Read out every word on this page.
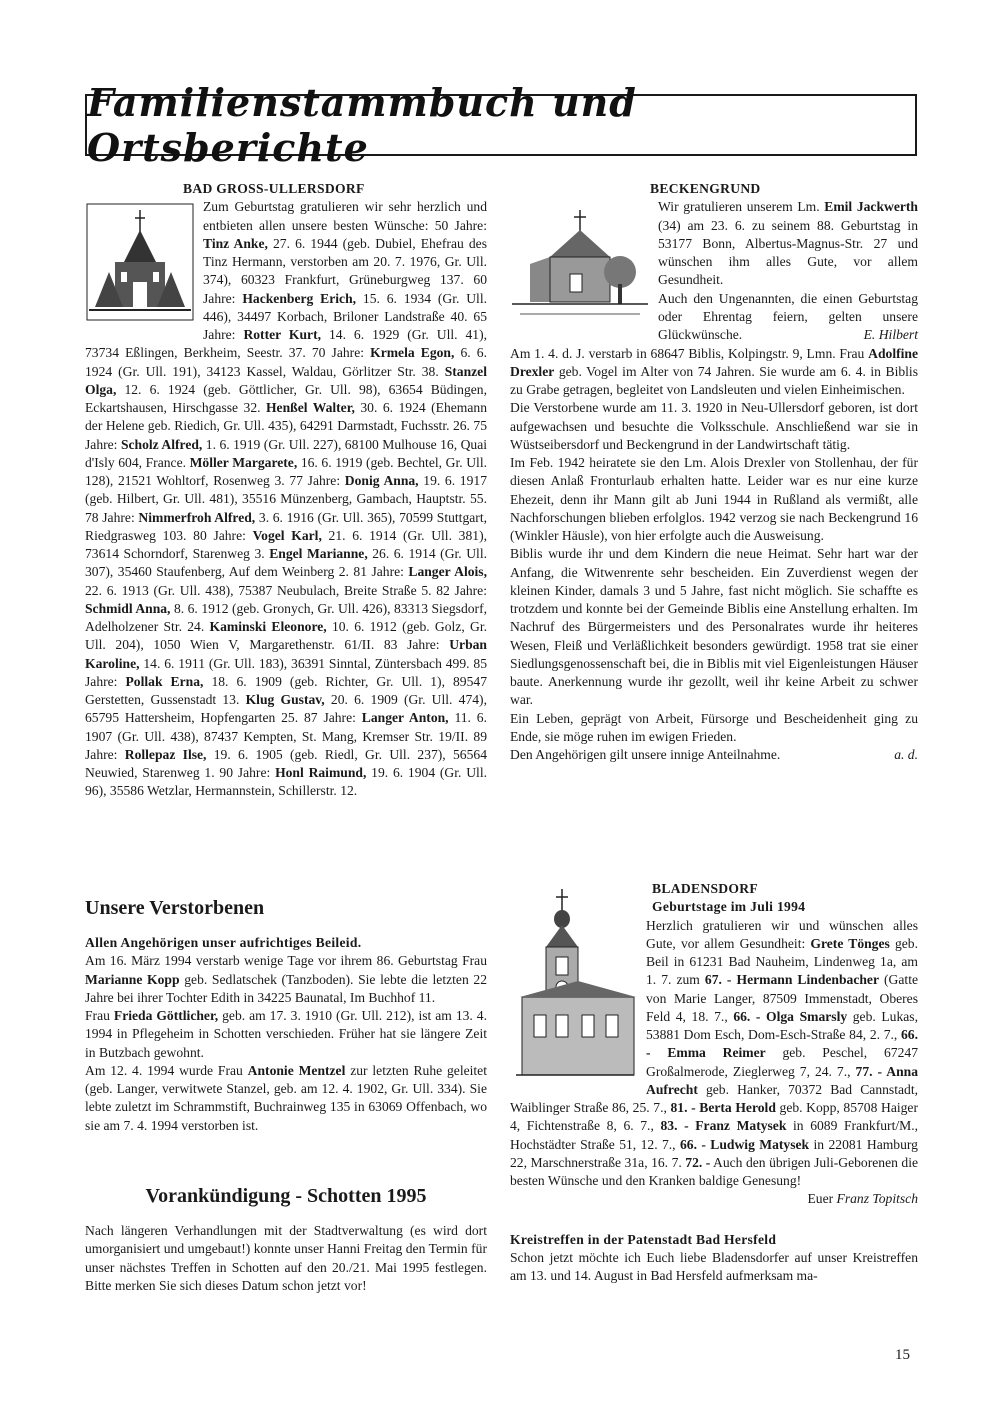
Familienstammbuch und Ortsberichte
BAD GROSS-ULLERSDORF

Zum Geburtstag gratulieren wir sehr herzlich und entbieten allen unsere besten Wünsche: 50 Jahre: Tinz Anke, 27. 6. 1944 (geb. Dubiel, Ehefrau des Tinz Hermann, verstorben am 20. 7. 1976, Gr. Ull. 374), 60323 Frankfurt, Grüneburgweg 137. 60 Jahre: Hackenberg Erich, 15. 6. 1934 (Gr. Ull. 446), 34497 Korbach, Briloner Landstraße 40. 65 Jahre: Rotter Kurt, 14. 6. 1929 (Gr. Ull. 41), 73734 Eßlingen, Berkheim, Seestr. 37. 70 Jahre: Krmela Egon, 6. 6. 1924 (Gr. Ull. 191), 34123 Kassel, Waldau, Görlitzer Str. 38. Stanzel Olga, 12. 6. 1924 (geb. Göttlicher, Gr. Ull. 98), 63654 Büdingen, Eckartshausen, Hirschgasse 32. Henßel Walter, 30. 6. 1924 (Ehemann der Helene geb. Riedich, Gr. Ull. 435), 64291 Darmstadt, Fuchsstr. 26. 75 Jahre: Scholz Alfred, 1. 6. 1919 (Gr. Ull. 227), 68100 Mulhouse 16, Quai d'Isly 604, France. Möller Margarete, 16. 6. 1919 (geb. Bechtel, Gr. Ull. 128), 21521 Wohltorf, Rosenweg 3. 77 Jahre: Donig Anna, 19. 6. 1917 (geb. Hilbert, Gr. Ull. 481), 35516 Münzenberg, Gambach, Hauptstr. 55. 78 Jahre: Nimmerfroh Alfred, 3. 6. 1916 (Gr. Ull. 365), 70599 Stuttgart, Riedgrasweg 103. 80 Jahre: Vogel Karl, 21. 6. 1914 (Gr. Ull. 381), 73614 Schorndorf, Starenweg 3. Engel Marianne, 26. 6. 1914 (Gr. Ull. 307), 35460 Staufenberg, Auf dem Weinberg 2. 81 Jahre: Langer Alois, 22. 6. 1913 (Gr. Ull. 438), 75387 Neubulach, Breite Straße 5. 82 Jahre: Schmidl Anna, 8. 6. 1912 (geb. Gronych, Gr. Ull. 426), 83313 Siegsdorf, Adelholzener Str. 24. Kaminski Eleonore, 10. 6. 1912 (geb. Golz, Gr. Ull. 204), 1050 Wien V, Margarethenstr. 61/II. 83 Jahre: Urban Karoline, 14. 6. 1911 (Gr. Ull. 183), 36391 Sinntal, Züntersbach 499. 85 Jahre: Pollak Erna, 18. 6. 1909 (geb. Richter, Gr. Ull. 1), 89547 Gerstetten, Gussenstadt 13. Klug Gustav, 20. 6. 1909 (Gr. Ull. 474), 65795 Hattersheim, Hopfengarten 25. 87 Jahre: Langer Anton, 11. 6. 1907 (Gr. Ull. 438), 87437 Kempten, St. Mang, Kremser Str. 19/II. 89 Jahre: Rollepaz Ilse, 19. 6. 1905 (geb. Riedl, Gr. Ull. 237), 56564 Neuwied, Starenweg 1. 90 Jahre: Honl Raimund, 19. 6. 1904 (Gr. Ull. 96), 35586 Wetzlar, Hermannstein, Schillerstr. 12.

Unsere Verstorbenen

Allen Angehörigen unser aufrichtiges Beileid.

Am 16. März 1994 verstarb wenige Tage vor ihrem 86. Geburtstag Frau Marianne Kopp geb. Sedlatschek (Tanzboden). Sie lebte die letzten 22 Jahre bei ihrer Tochter Edith in 34225 Baunatal, Im Buchhof 11.

Frau Frieda Göttlicher, geb. am 17. 3. 1910 (Gr. Ull. 212), ist am 13. 4. 1994 in Pflegeheim in Schotten verschieden. Früher hat sie längere Zeit in Butzbach gewohnt.

Am 12. 4. 1994 wurde Frau Antonie Mentzel zur letzten Ruhe geleitet (geb. Langer, verwitwete Stanzel, geb. am 12. 4. 1902, Gr. Ull. 334). Sie lebte zuletzt im Schrammstift, Buchrainweg 135 in 63069 Offenbach, wo sie am 7. 4. 1994 verstorben ist.

Vorankündigung - Schotten 1995

Nach längeren Verhandlungen mit der Stadtverwaltung (es wird dort umorganisiert und umgebaut!) konnte unser Hanni Freitag den Termin für unser nächstes Treffen in Schotten auf den 20./21. Mai 1995 festlegen. Bitte merken Sie sich dieses Datum schon jetzt vor!

BECKENGRUND

Wir gratulieren unserem Lm. Emil Jackwerth (34) am 23. 6. zu seinem 88. Geburtstag in 53177 Bonn, Albertus-Magnus-Str. 27 und wünschen ihm alles Gute, vor allem Gesundheit.

Auch den Ungenannten, die einen Geburtstag oder Ehrentag feiern, gelten unsere Glückwünsche.	E. Hilbert

Am 1. 4. d. J. verstarb in 68647 Biblis, Kolpingstr. 9, Lmn. Frau Adolfine Drexler geb. Vogel im Alter von 74 Jahren. Sie wurde am 6. 4. in Biblis zu Grabe getragen, begleitet von Landsleuten und vielen Einheimischen.

Die Verstorbene wurde am 11. 3. 1920 in Neu-Ullersdorf geboren, ist dort aufgewachsen und besuchte die Volksschule. Anschließend war sie in Wüstseibersdorf und Beckengrund in der Landwirtschaft tätig.

Im Feb. 1942 heiratete sie den Lm. Alois Drexler von Stollenhau, der für diesen Anlaß Fronturlaub erhalten hatte. Leider war es nur eine kurze Ehezeit, denn ihr Mann gilt ab Juni 1944 in Rußland als vermißt, alle Nachforschungen blieben erfolglos. 1942 verzog sie nach Beckengrund 16 (Winkler Häusle), von hier erfolgte auch die Ausweisung.

Biblis wurde ihr und dem Kindern die neue Heimat. Sehr hart war der Anfang, die Witwenrente sehr bescheiden. Ein Zuverdienst wegen der kleinen Kinder, damals 3 und 5 Jahre, fast nicht möglich. Sie schaffte es trotzdem und konnte bei der Gemeinde Biblis eine Anstellung erhalten. Im Nachruf des Bürgermeisters und des Personalrates wurde ihr heiteres Wesen, Fleiß und Verläßlichkeit besonders gewürdigt. 1958 trat sie einer Siedlungsgenossenschaft bei, die in Biblis mit viel Eigenleistungen Häuser baute. Anerkennung wurde ihr gezollt, weil ihr keine Arbeit zu schwer war.

Ein Leben, geprägt von Arbeit, Fürsorge und Bescheidenheit ging zu Ende, sie möge ruhen im ewigen Frieden.

Den Angehörigen gilt unsere innige Anteilnahme.	a. d.
BLADENSDORF
Geburtstage im Juli 1994

Herzlich gratulieren wir und wünschen alles Gute, vor allem Gesundheit: Grete Tönges geb. Beil in 61231 Bad Nauheim, Lindenweg 1a, am 1. 7. zum 67. - Hermann Lindenbacher (Gatte von Marie Langer, 87509 Immenstadt, Oberes Feld 4, 18. 7., 66. - Olga Smarsly geb. Lukas, 53881 Dom Esch, Dom-Esch-Straße 84, 2. 7., 66. - Emma Reimer geb. Peschel, 67247 Großalmerode, Zieglerweg 7, 24. 7., 77. - Anna Aufrecht geb. Hanker, 70372 Bad Cannstadt, Waiblinger Straße 86, 25. 7., 81. - Berta Herold geb. Kopp, 85708 Haiger 4, Fichtenstraße 8, 6. 7., 83. - Franz Matysek in 6089 Frankfurt/M., Hochstädter Straße 51, 12. 7., 66. - Ludwig Matysek in 22081 Hamburg 22, Marschnerstraße 31a, 16. 7. 72. - Auch den übrigen Juli-Geborenen die besten Wünsche und den Kranken baldige Genesung!

Euer Franz Topitsch

Kreistreffen in der Patenstadt Bad Hersfeld

Schon jetzt möchte ich Euch liebe Bladensdorfer auf unser Kreistreffen am 13. und 14. August in Bad Hersfeld aufmerksam ma-

15
